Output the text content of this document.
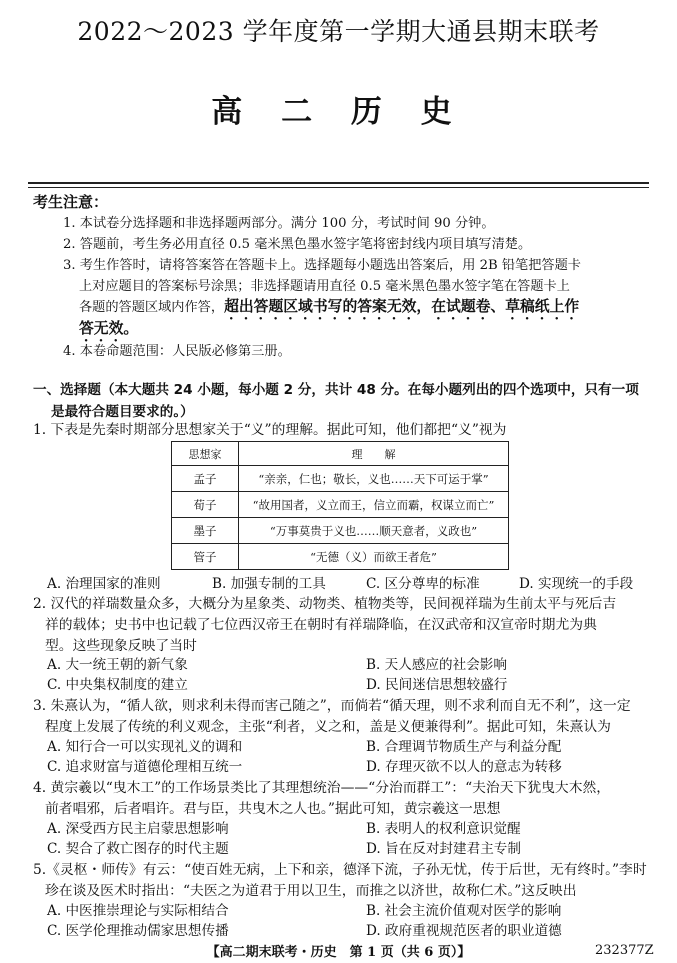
2022～2023 学年度第一学期大通县期末联考
高 二 历 史
考生注意：
1. 本试卷分选择题和非选择题两部分。满分 100 分，考试时间 90 分钟。
2. 答题前，考生务必用直径 0.5 毫米黑色墨水签字笔将密封线内项目填写清楚。
3. 考生作答时，请将答案答在答题卡上。选择题每小题选出答案后，用 2B 铅笔把答题卡
上对应题目的答案标号涂黑；非选择题请用直径 0.5 毫米黑色墨水签字笔在答题卡上
各题的答题区域内作答，超出答题区域书写的答案无效，在试题卷、草稿纸上作
答无效。
4. 本卷命题范围：人民版必修第三册。
一、选择题（本大题共 24 小题，每小题 2 分，共计 48 分。在每小题列出的四个选项中，只有一项
是最符合题目要求的。）
1. 下表是先秦时期部分思想家关于“义”的理解。据此可知，他们都把“义”视为
思想家	理　　解
孟子	“亲亲，仁也；敬长，义也……天下可运于掌”
荀子	“故用国者，义立而王，信立而霸，权谋立而亡”
墨子	“万事莫贵于义也……顺天意者，义政也”
管子	“无德（义）而欲王者危”
A. 治理国家的准则	B. 加强专制的工具	C. 区分尊卑的标准	D. 实现统一的手段
2. 汉代的祥瑞数量众多，大概分为星象类、动物类、植物类等，民间视祥瑞为生前太平与死后吉
祥的载体；史书中也记载了七位西汉帝王在朝时有祥瑞降临，在汉武帝和汉宣帝时期尤为典
型。这些现象反映了当时
A. 大一统王朝的新气象	B. 天人感应的社会影响
C. 中央集权制度的建立	D. 民间迷信思想较盛行
3. 朱熹认为，“循人欲，则求利未得而害己随之”，而倘若“循天理，则不求利而自无不利”，这一定
程度上发展了传统的利义观念，主张“利者，义之和，盖是义便兼得利”。据此可知，朱熹认为
A. 知行合一可以实现礼义的调和	B. 合理调节物质生产与利益分配
C. 追求财富与道德伦理相互统一	D. 存理灭欲不以人的意志为转移
4. 黄宗羲以“曳木工”的工作场景类比了其理想统治——“分治而群工”：“夫治天下犹曳大木然，
前者唱邪，后者唱许。君与臣，共曳木之人也。”据此可知，黄宗羲这一思想
A. 深受西方民主启蒙思想影响	B. 表明人的权利意识觉醒
C. 契合了救亡图存的时代主题	D. 旨在反对封建君主专制
5.《灵枢・师传》有云：“使百姓无病，上下和亲，德泽下流，子孙无忧，传于后世，无有终时。”李时
珍在谈及医术时指出：“夫医之为道君于用以卫生，而推之以济世，故称仁术。”这反映出
A. 中医推崇理论与实际相结合	B. 社会主流价值观对医学的影响
C. 医学伦理推动儒家思想传播	D. 政府重视规范医者的职业道德
【高二期末联考・历史　第 1 页（共 6 页）】	232377Z
